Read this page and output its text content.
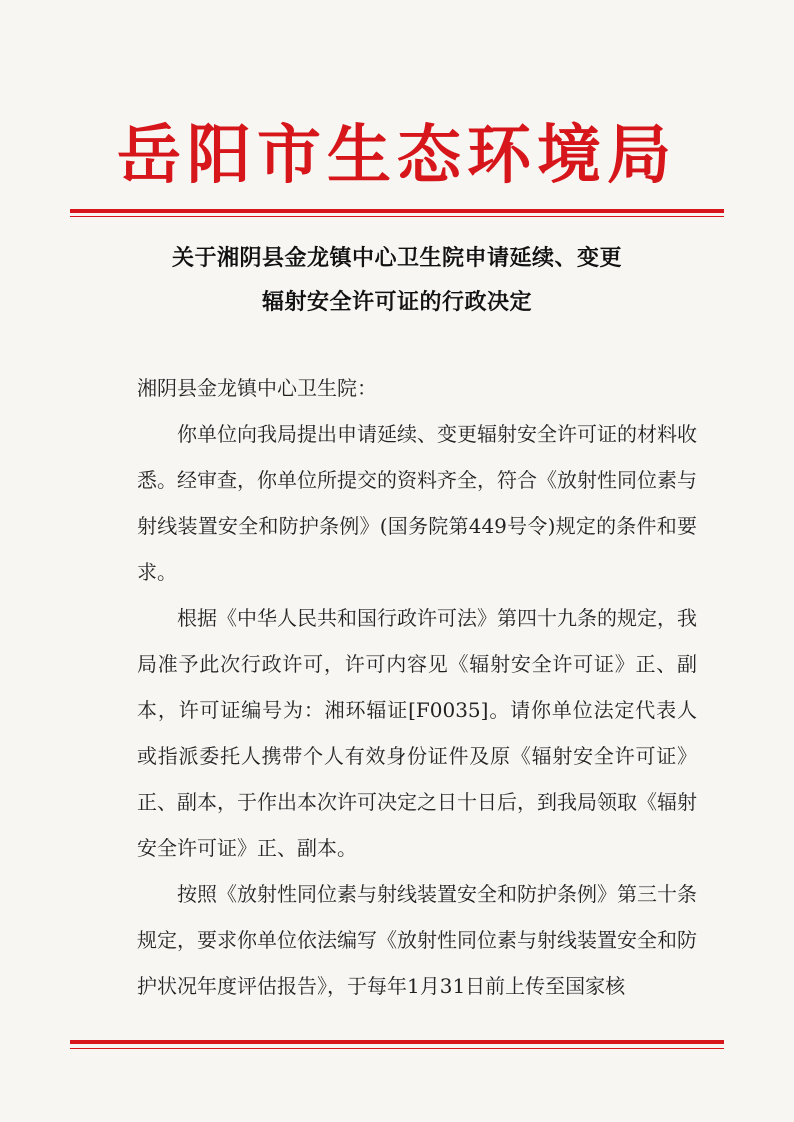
岳阳市生态环境局
关于湘阴县金龙镇中心卫生院申请延续、变更
辐射安全许可证的行政决定

湘阴县金龙镇中心卫生院：

你单位向我局提出申请延续、变更辐射安全许可证的材料收悉。经审查，你单位所提交的资料齐全，符合《放射性同位素与射线装置安全和防护条例》(国务院第449号令)规定的条件和要求。

根据《中华人民共和国行政许可法》第四十九条的规定，我局准予此次行政许可，许可内容见《辐射安全许可证》正、副本，许可证编号为：湘环辐证[F0035]。请你单位法定代表人或指派委托人携带个人有效身份证件及原《辐射安全许可证》正、副本，于作出本次许可决定之日十日后，到我局领取《辐射安全许可证》正、副本。

按照《放射性同位素与射线装置安全和防护条例》第三十条规定，要求你单位依法编写《放射性同位素与射线装置安全和防护状况年度评估报告》，于每年1月31日前上传至国家核
